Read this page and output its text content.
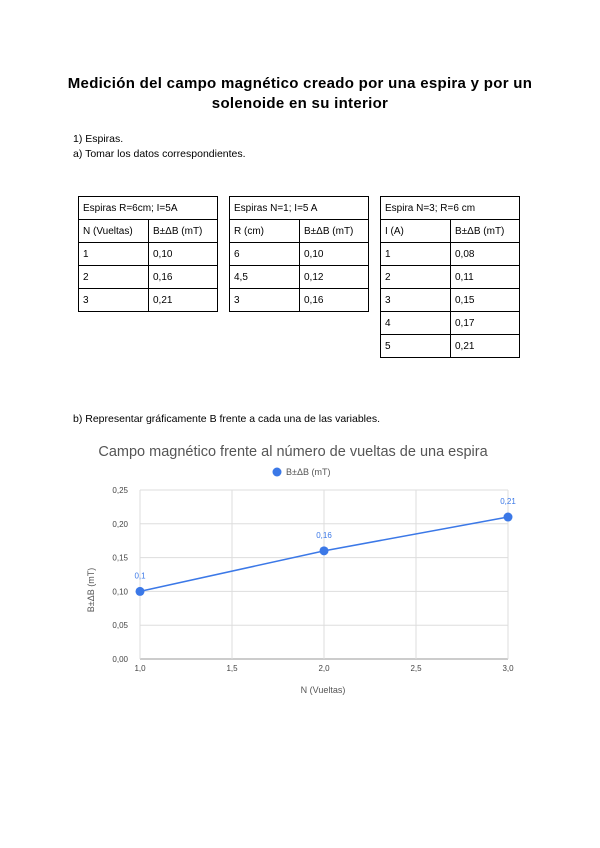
Medición del campo magnético creado por una espira y por un
solenoide en su interior
1) Espiras.
a) Tomar los datos correspondientes.
Espiras R=6cm; I=5A	
N (Vueltas)	B±ΔB (mT)
1	0,10
2	0,16
3	0,21
Espiras N=1; I=5 A	
R (cm)	B±ΔB (mT)
6	0,10
4,5	0,12
3	0,16
Espira N=3; R=6 cm	
I (A)	B±ΔB (mT)
1	0,08
2	0,11
3	0,15
4	0,17
5	0,21
b) Representar gráficamente B frente a cada una de las variables.
Campo magnético frente al número de vueltas de una espira
B±ΔB (mT)
0,00
0,05
0,10
0,15
0,20
0,25
1,0	1,5	2,0	2,5	3,0
B±ΔB (mT)
N (Vueltas)
0,1
0,16
0,21
